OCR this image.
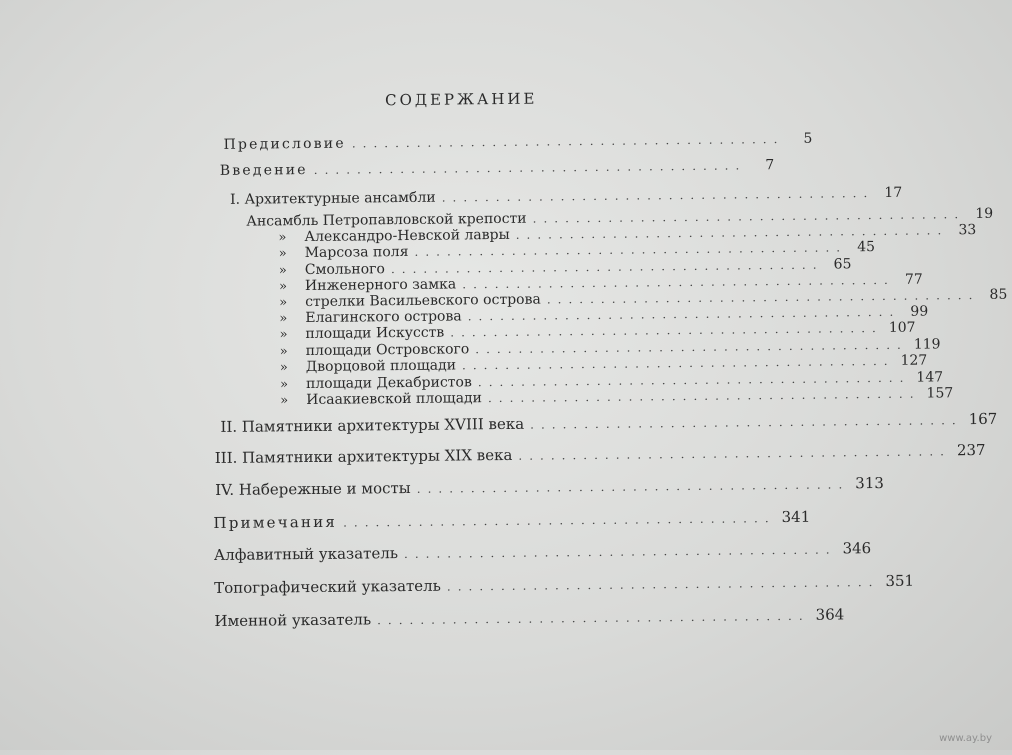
СОДЕРЖАНИЕ
Предисловие ........................................	5
Введение ........................................	7
I. Архитектурные ансамбли ........................................ 17
Ансамбль Петропавловской крепости ........................................ 19
»	Александро-Невской лавры ........................................ 33
»	Марсоза поля ........................................ 45
»	Смольного ........................................ 65
»	Инженерного замка ........................................ 77
»	стрелки Васильевского острова ........................................ 85
»	Елагинского острова ........................................ 99
»	площади Искусств ........................................ 107
»	площади Островского ........................................ 119
»	Дворцовой площади ........................................ 127
»	площади Декабристов ........................................ 147
»	Исаакиевской площади ........................................ 157
II. Памятники архитектуры XVIII века ........................................ 167
III. Памятники архитектуры XIX века ........................................ 237
IV. Набережные и мосты ........................................ 313
Примечания ........................................ 341
Алфавитный указатель ........................................ 346
Топографический указатель ........................................ 351
Именной указатель ........................................ 364
www.ay.by
